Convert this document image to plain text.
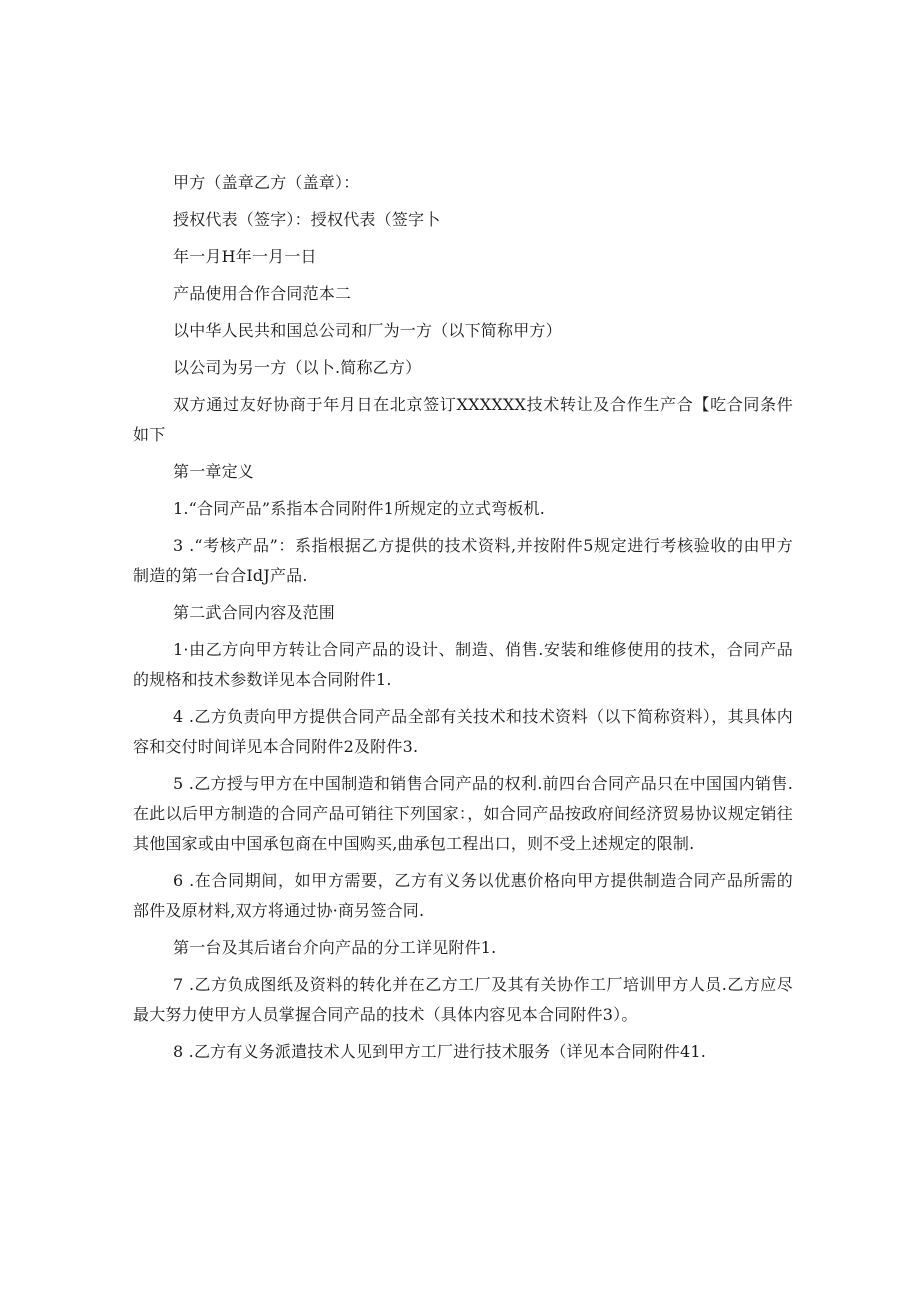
甲方（盖章乙方（盖章）：

授权代表（签字）：授权代表（签字卜

年一月H年一月一日

产品使用合作合同范本二

以中华人民共和国总公司和厂为一方（以下简称甲方）

以公司为另一方（以卜.简称乙方）

双方通过友好协商于年月日在北京签订XXXXXX技术转让及合作生产合【吃合同条件如下

第一章定义

1.“合同产品”系指本合同附件1所规定的立式弯板机.

3 .“考核产品”：系指根据乙方提供的技术资料,并按附件5规定进行考核验收的由甲方制造的第一台合IdJ产品.

第二武合同内容及范围

1·由乙方向甲方转让合同产品的设计、制造、俏售.安装和维修使用的技术，合同产品的规格和技术参数详见本合同附件1.

4 .乙方负责向甲方提供合同产品全部有关技术和技术资料（以下简称资料），其具体内容和交付时间详见本合同附件2及附件3.

5 .乙方授与甲方在中国制造和销售合同产品的权利.前四台合同产品只在中国国内销售.在此以后甲方制造的合同产品可销往下列国家：，如合同产品按政府间经济贸易协议规定销往其他国家或由中国承包商在中国购买,曲承包工程出口，则不受上述规定的限制.

6 .在合同期间，如甲方需要，乙方有义务以优惠价格向甲方提供制造合同产品所需的部件及原材料,双方将通过协·商另签合同.

第一台及其后诸台介向产品的分工详见附件1.

7 .乙方负成图纸及资料的转化并在乙方工厂及其有关协作工厂培训甲方人员.乙方应尽最大努力使甲方人员掌握合同产品的技术（具体内容见本合同附件3）。

8 .乙方有义务派遣技术人见到甲方工厂进行技术服务（详见本合同附件41.
